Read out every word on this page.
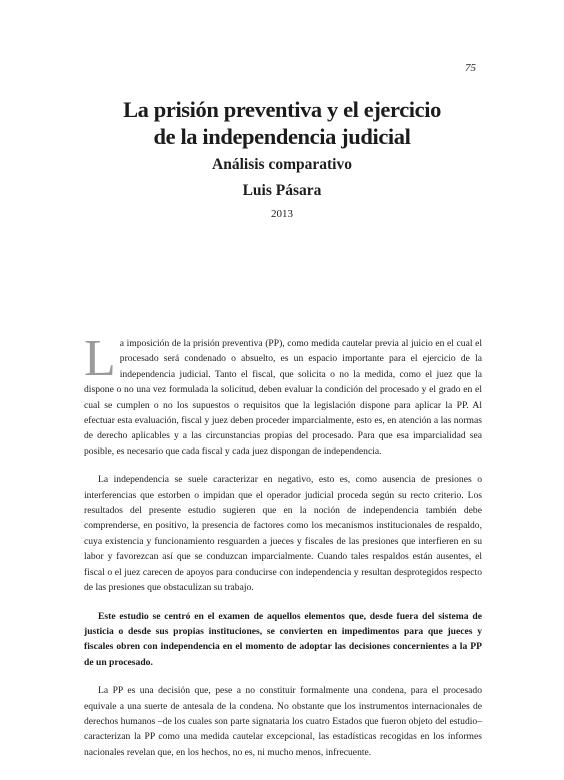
75
La prisión preventiva y el ejercicio
de la independencia judicial
Análisis comparativo
Luis Pásara
2013

La imposición de la prisión preventiva (PP), como medida cautelar previa al juicio en el cual el procesado será condenado o absuelto, es un espacio importante para el ejercicio de la independencia judicial. Tanto el fiscal, que solicita o no la medida, como el juez que la dispone o no una vez formulada la solicitud, deben evaluar la condición del procesado y el grado en el cual se cumplen o no los supuestos o requisitos que la legislación dispone para aplicar la PP. Al efectuar esta evaluación, fiscal y juez deben proceder imparcialmente, esto es, en atención a las normas de derecho aplicables y a las circunstancias propias del procesado. Para que esa imparcialidad sea posible, es necesario que cada fiscal y cada juez dispongan de independencia.

La independencia se suele caracterizar en negativo, esto es, como ausencia de presiones o interferencias que estorben o impidan que el operador judicial proceda según su recto criterio. Los resultados del presente estudio sugieren que en la noción de independencia también debe comprenderse, en positivo, la presencia de factores como los mecanismos institucionales de respaldo, cuya existencia y funcionamiento resguarden a jueces y fiscales de las presiones que interfieren en su labor y favorezcan así que se conduzcan imparcialmente. Cuando tales respaldos están ausentes, el fiscal o el juez carecen de apoyos para conducirse con independencia y resultan desprotegidos respecto de las presiones que obstaculizan su trabajo.

Este estudio se centró en el examen de aquellos elementos que, desde fuera del sistema de justicia o desde sus propias instituciones, se convierten en impedimentos para que jueces y fiscales obren con independencia en el momento de adoptar las decisiones concernientes a la PP de un procesado.

La PP es una decisión que, pese a no constituir formalmente una condena, para el procesado equivale a una suerte de antesala de la condena. No obstante que los instrumentos internacionales de derechos humanos –de los cuales son parte signataria los cuatro Estados que fueron objeto del estudio– caracterizan la PP como una medida cautelar excepcional, las estadísticas recogidas en los informes nacionales revelan que, en los hechos, no es, ni mucho menos, infrecuente.
